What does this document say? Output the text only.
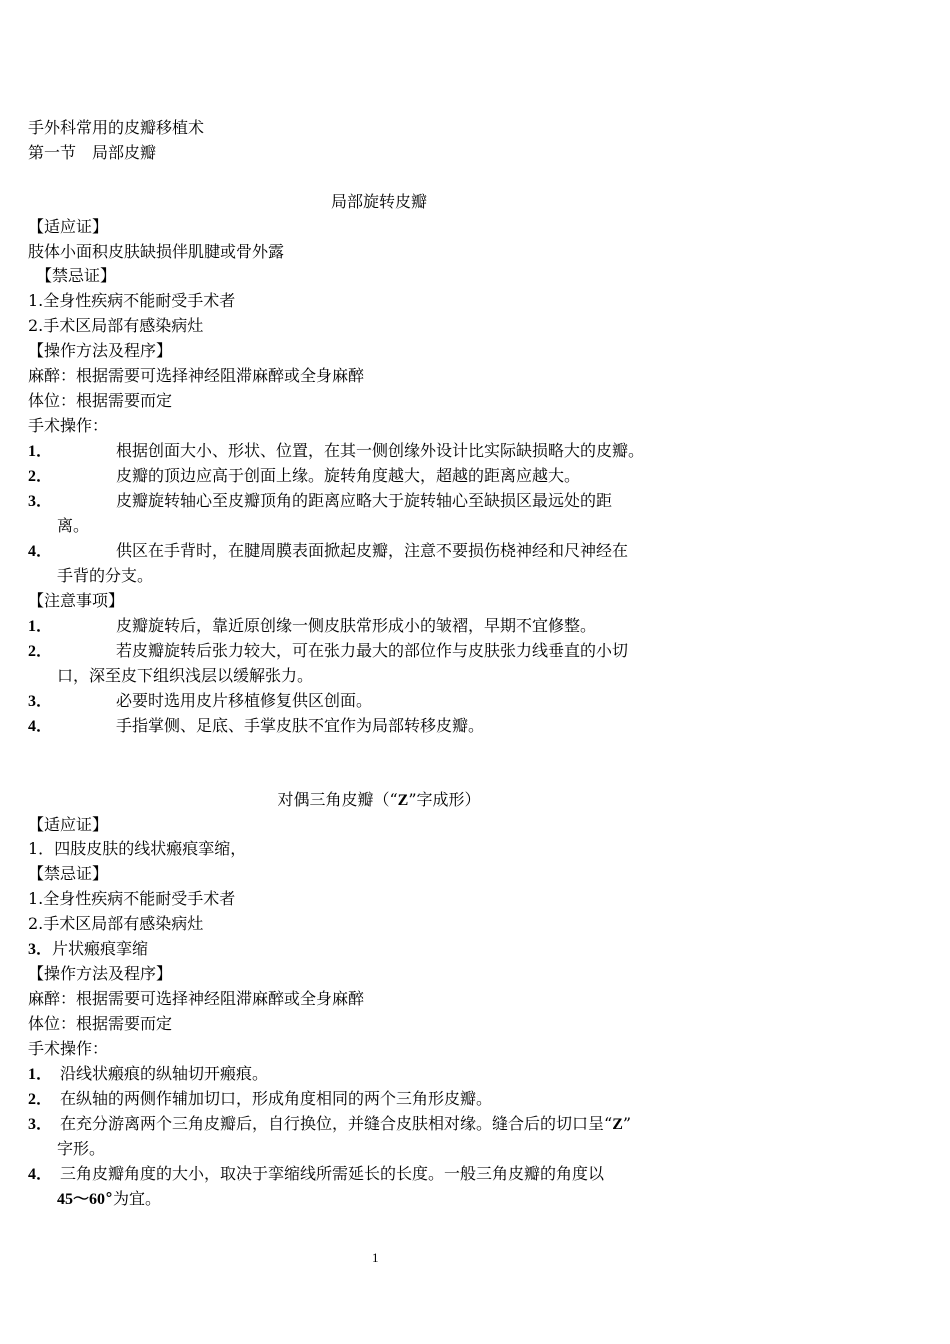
手外科常用的皮瓣移植术
第一节　局部皮瓣
局部旋转皮瓣
【适应证】
肢体小面积皮肤缺损伴肌腱或骨外露
【禁忌证】
1.全身性疾病不能耐受手术者
2.手术区局部有感染病灶
【操作方法及程序】
麻醉：根据需要可选择神经阻滞麻醉或全身麻醉
体位：根据需要而定
手术操作：
1．	根据创面大小、形状、位置，在其一侧创缘外设计比实际缺损略大的皮瓣。
2．	皮瓣的顶边应高于创面上缘。旋转角度越大，超越的距离应越大。
3．	皮瓣旋转轴心至皮瓣顶角的距离应略大于旋转轴心至缺损区最远处的距
离。
4．	供区在手背时，在腱周膜表面掀起皮瓣，注意不要损伤桡神经和尺神经在
手背的分支。
【注意事项】
1．	皮瓣旋转后，靠近原创缘一侧皮肤常形成小的皱褶，早期不宜修整。
2．	若皮瓣旋转后张力较大，可在张力最大的部位作与皮肤张力线垂直的小切
口，深至皮下组织浅层以缓解张力。
3．	必要时选用皮片移植修复供区创面。
4．	手指掌侧、足底、手掌皮肤不宜作为局部转移皮瓣。
对偶三角皮瓣（“Z”字成形）
【适应证】
1．四肢皮肤的线状瘢痕挛缩，
【禁忌证】
1.全身性疾病不能耐受手术者
2.手术区局部有感染病灶
3．片状瘢痕挛缩
【操作方法及程序】
麻醉：根据需要可选择神经阻滞麻醉或全身麻醉
体位：根据需要而定
手术操作：
1． 沿线状瘢痕的纵轴切开瘢痕。
2． 在纵轴的两侧作辅加切口，形成角度相同的两个三角形皮瓣。
3． 在充分游离两个三角皮瓣后，自行换位，并缝合皮肤相对缘。缝合后的切口呈“Z”
字形。
4． 三角皮瓣角度的大小，取决于挛缩线所需延长的长度。一般三角皮瓣的角度以
45～60°为宜。
1
